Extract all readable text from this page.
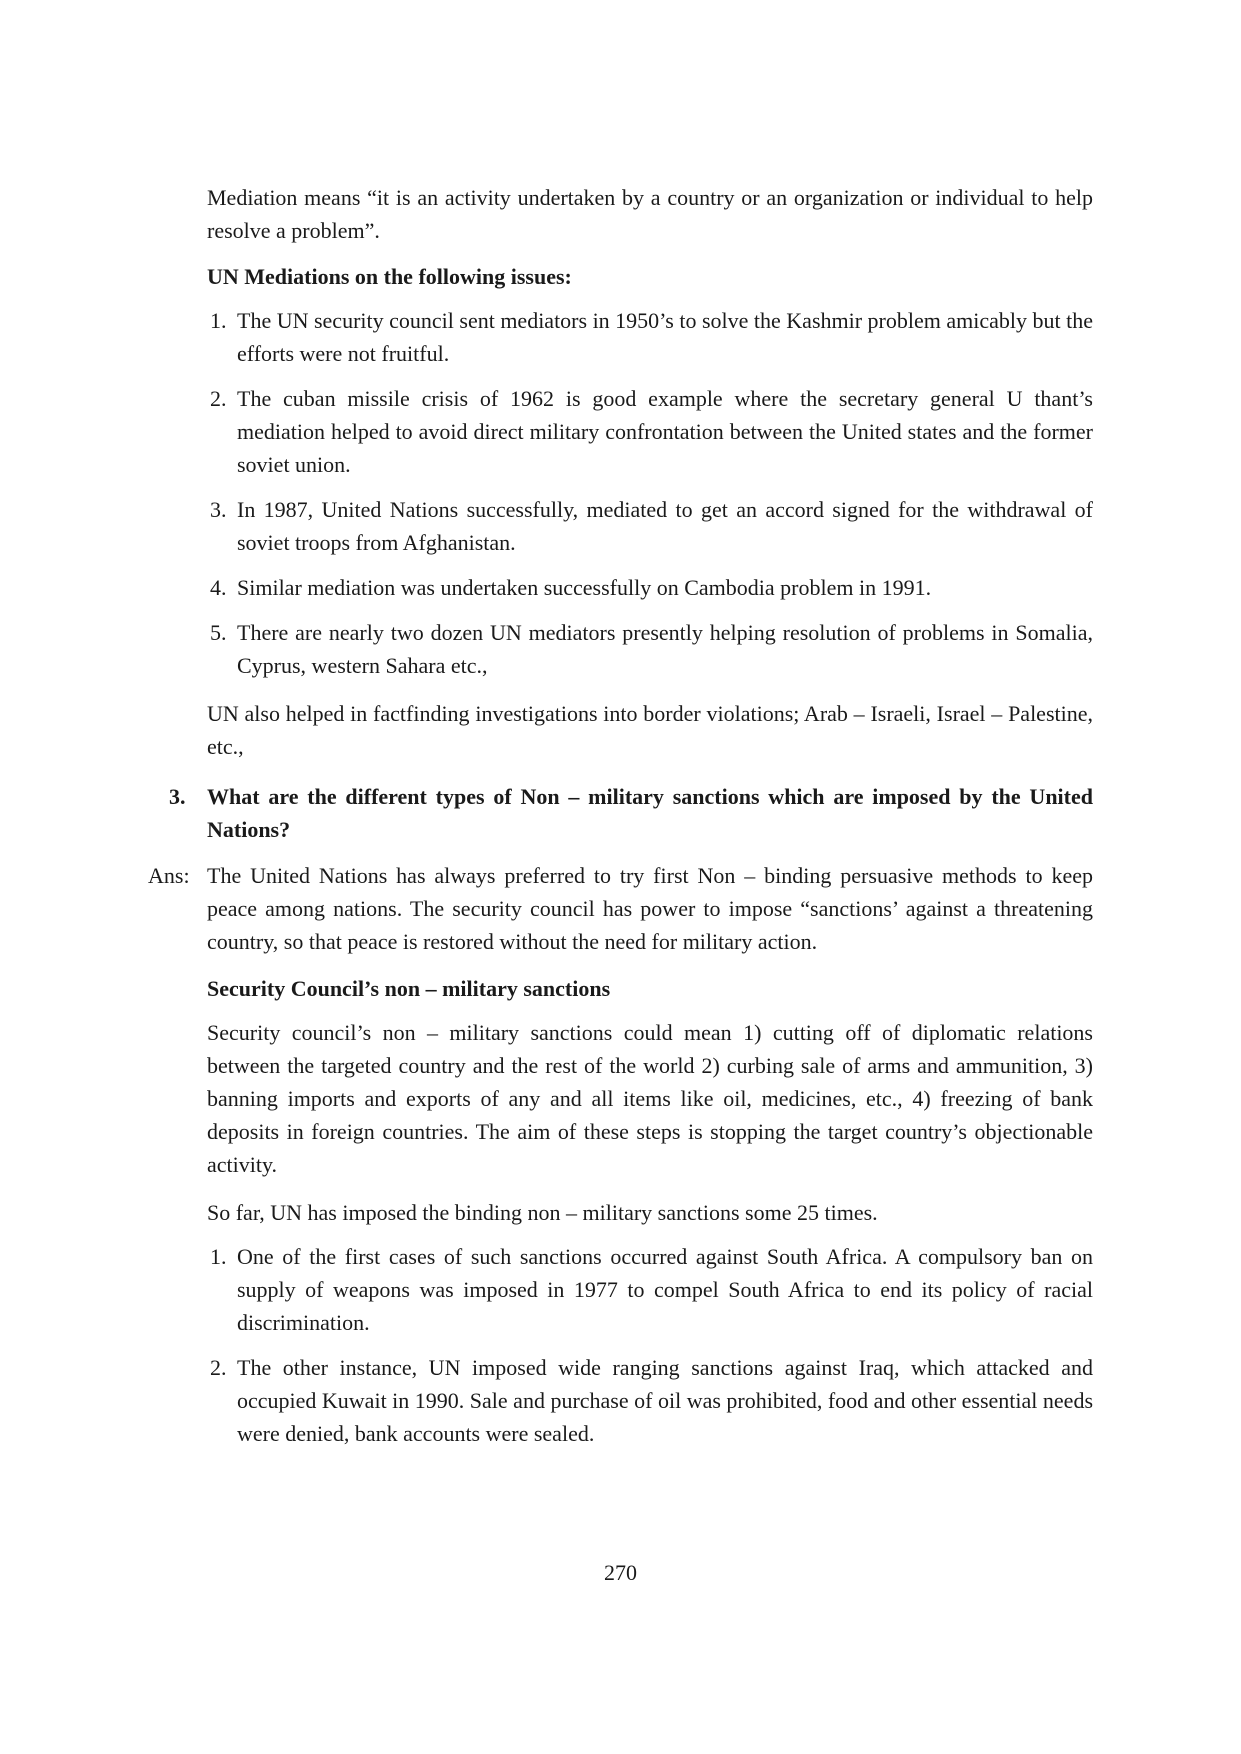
Mediation means “it is an activity undertaken by a country or an organization or individual to help resolve a problem”.

UN Mediations on the following issues:
1. The UN security council sent mediators in 1950’s to solve the Kashmir problem amicably but the efforts were not fruitful.
2. The cuban missile crisis of 1962 is good example where the secretary general U thant’s mediation helped to avoid direct military confrontation between the United states and the former soviet union.
3. In 1987, United Nations successfully, mediated to get an accord signed for the withdrawal of soviet troops from Afghanistan.
4. Similar mediation was undertaken successfully on Cambodia problem in 1991.
5. There are nearly two dozen UN mediators presently helping resolution of problems in Somalia, Cyprus, western Sahara etc.,

UN also helped in factfinding investigations into border violations; Arab – Israeli, Israel – Palestine, etc.,

3. What are the different types of Non – military sanctions which are imposed by the United Nations?
Ans: The United Nations has always preferred to try first Non – binding persuasive methods to keep peace among nations. The security council has power to impose “sanctions’ against a threatening country, so that peace is restored without the need for military action.
Security Council’s non – military sanctions

Security council’s non – military sanctions could mean 1) cutting off of diplomatic relations between the targeted country and the rest of the world 2) curbing sale of arms and ammunition, 3) banning imports and exports of any and all items like oil, medicines, etc., 4) freezing of bank deposits in foreign countries. The aim of these steps is stopping the target country’s objectionable activity.

So far, UN has imposed the binding non – military sanctions some 25 times.

1. One of the first cases of such sanctions occurred against South Africa. A compulsory ban on supply of weapons was imposed in 1977 to compel South Africa to end its policy of racial discrimination.
2. The other instance, UN imposed wide ranging sanctions against Iraq, which attacked and occupied Kuwait in 1990. Sale and purchase of oil was prohibited, food and other essential needs were denied, bank accounts were sealed.
270
